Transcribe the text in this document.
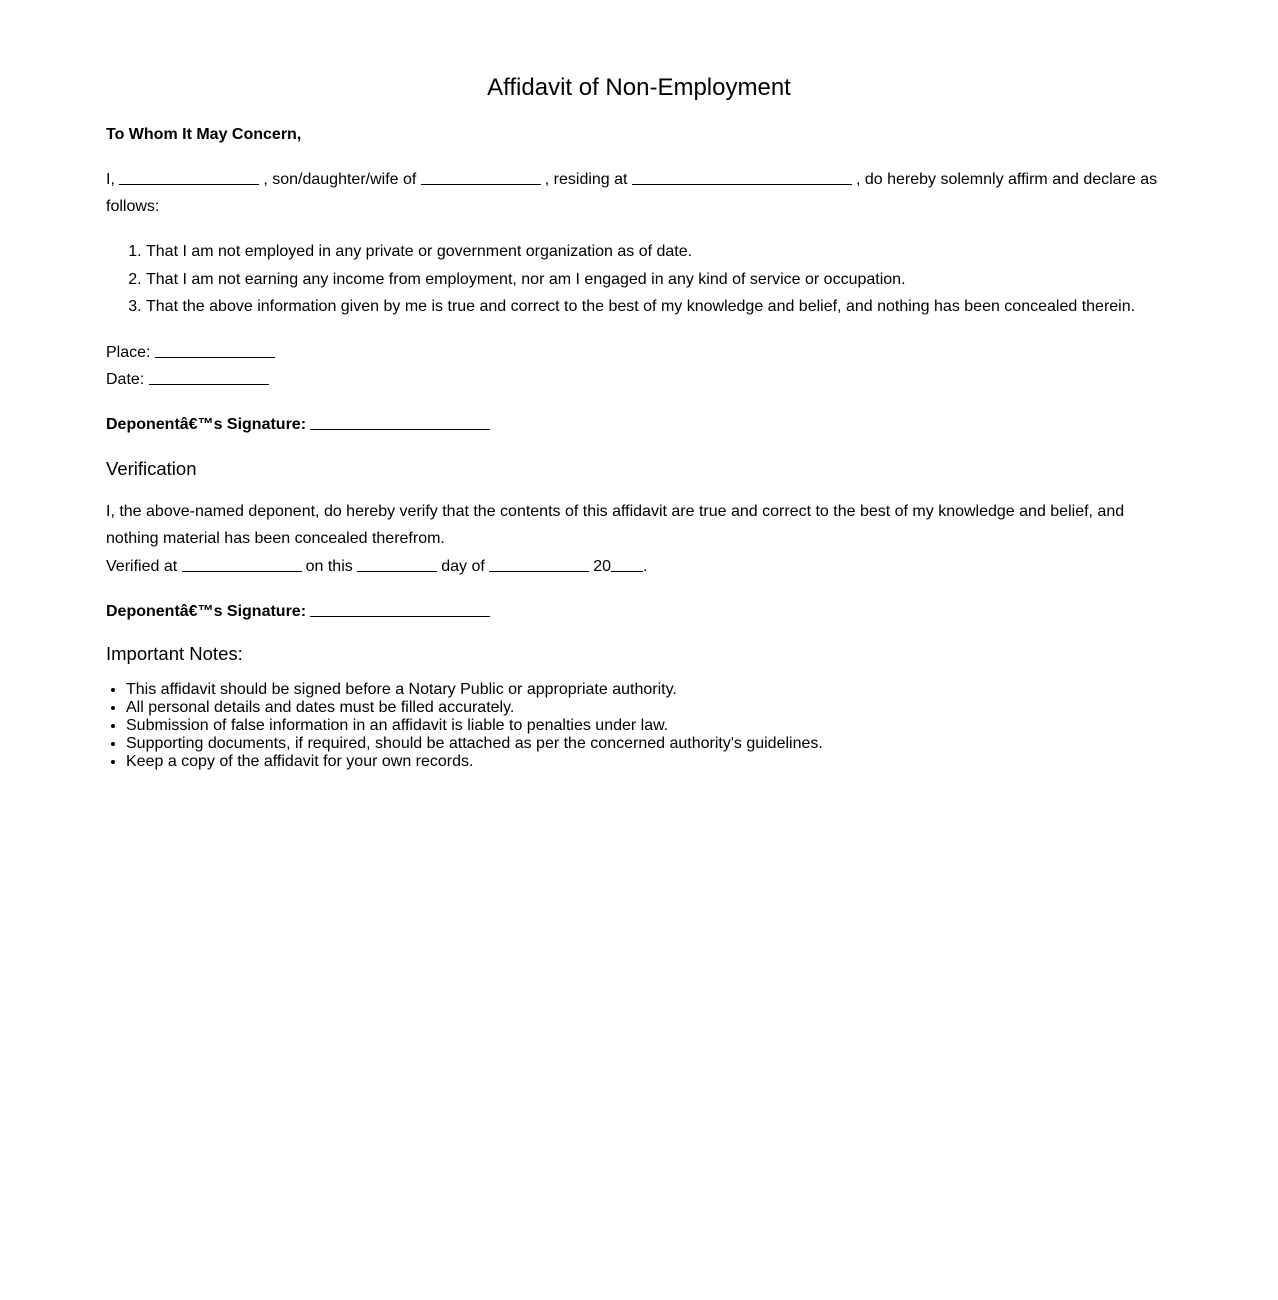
Affidavit of Non-Employment

To Whom It May Concern,

I,	, son/daughter/wife of	, residing at	, do hereby solemnly affirm and declare as follows:

1. That I am not employed in any private or government organization as of date.
2. That I am not earning any income from employment, nor am I engaged in any kind of service or occupation.
3. That the above information given by me is true and correct to the best of my knowledge and belief, and nothing has been concealed therein.
Place:
Date:

Deponentâ€™s Signature:

Verification

I, the above-named deponent, do hereby verify that the contents of this affidavit are true and correct to the best of my knowledge and belief, and nothing material has been concealed therefrom.
Verified at	on this	day of	20 .

Deponentâ€™s Signature:

Important Notes:
• This affidavit should be signed before a Notary Public or appropriate authority.
• All personal details and dates must be filled accurately.
• Submission of false information in an affidavit is liable to penalties under law.
• Supporting documents, if required, should be attached as per the concerned authority's guidelines.
• Keep a copy of the affidavit for your own records.
